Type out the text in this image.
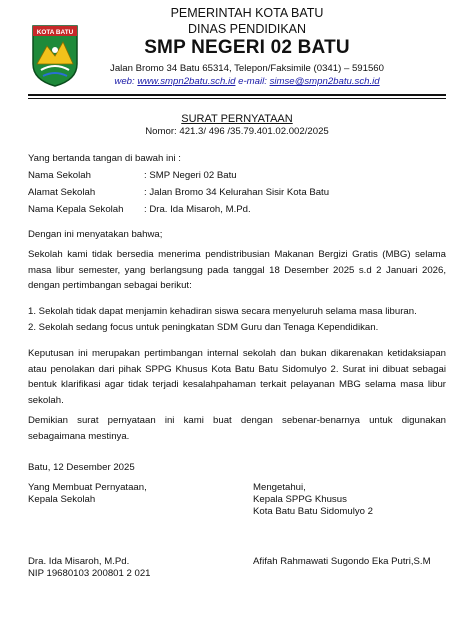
KOTA BATU
PEMERINTAH KOTA BATU
DINAS PENDIDIKAN
SMP NEGERI 02 BATU
Jalan Bromo 34 Batu 65314, Telepon/Faksimile (0341) – 591560
web: www.smpn2batu.sch.id e-mail: simse@smpn2batu.sch.id
SURAT PERNYATAAN
Nomor: 421.3/ 496 /35.79.401.02.002/2025
Yang bertanda tangan di bawah ini :
Nama Sekolah	: SMP Negeri 02 Batu
Alamat Sekolah	: Jalan Bromo 34 Kelurahan Sisir Kota Batu
Nama Kepala Sekolah : Dra. Ida Misaroh, M.Pd.
Dengan ini menyatakan bahwa;
Sekolah kami tidak bersedia menerima pendistribusian Makanan Bergizi Gratis (MBG) selama masa libur semester, yang berlangsung pada tanggal 18 Desember 2025 s.d 2 Januari 2026, dengan pertimbangan sebagai berikut:
1. Sekolah tidak dapat menjamin kehadiran siswa secara menyeluruh selama masa liburan.
2. Sekolah sedang focus untuk peningkatan SDM Guru dan Tenaga Kependidikan.
Keputusan ini merupakan pertimbangan internal sekolah dan bukan dikarenakan ketidaksiapan atau penolakan dari pihak SPPG Khusus Kota Batu Batu Sidomulyo 2. Surat ini dibuat sebagai bentuk klarifikasi agar tidak terjadi kesalahpahaman terkait pelayanan MBG selama masa libur sekolah.
Demikian surat pernyataan ini kami buat dengan sebenar-benarnya untuk digunakan sebagaimana mestinya.
Batu, 12 Desember 2025
Yang Membuat Pernyataan,
Kepala Sekolah
Mengetahui,
Kepala SPPG Khusus
Kota Batu Batu Sidomulyo 2
Dra. Ida Misaroh, M.Pd.
NIP 19680103 200801 2 021
Afifah Rahmawati Sugondo Eka Putri,S.M
